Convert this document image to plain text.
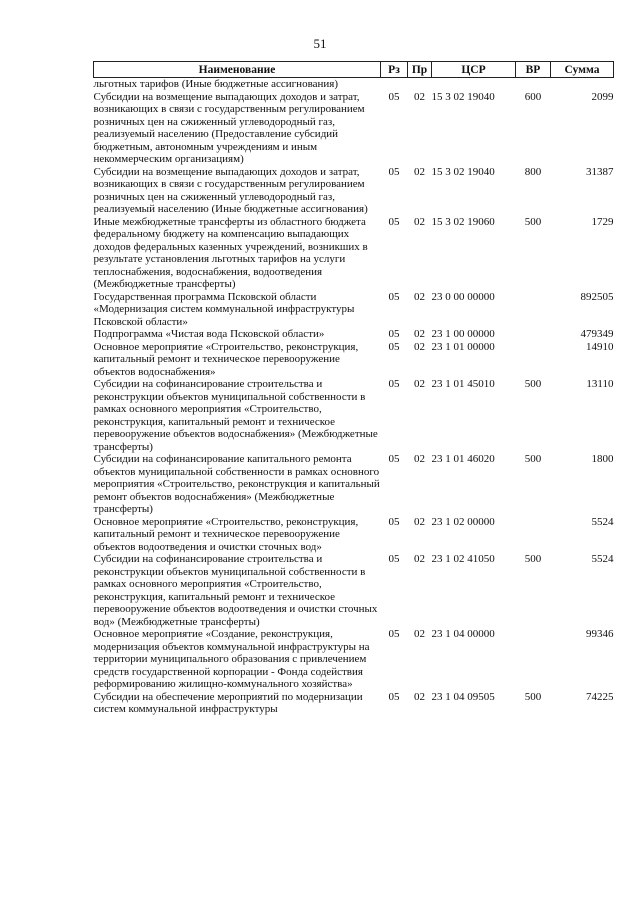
51
Наименование	Рз	Пр	ЦСР	ВР	Сумма
льготных тарифов (Иные бюджетные ассигнования)					
Субсидии на возмещение выпадающих доходов и затрат, возникающих в связи с государственным регулированием розничных цен на сжиженный углеводородный газ, реализуемый населению (Предоставление субсидий бюджетным, автономным учреждениям и иным некоммерческим организациям)	05	02	15 3 02 19040	600	2099
Субсидии на возмещение выпадающих доходов и затрат, возникающих в связи с государственным регулированием розничных цен на сжиженный углеводородный газ, реализуемый населению (Иные бюджетные ассигнования)	05	02	15 3 02 19040	800	31387
Иные межбюджетные трансферты из областного бюджета федеральному бюджету на компенсацию выпадающих доходов федеральных казенных учреждений, возникших в результате установления льготных тарифов на услуги теплоснабжения, водоснабжения, водоотведения (Межбюджетные трансферты)	05	02	15 3 02 19060	500	1729
Государственная программа Псковской области «Модернизация систем коммунальной инфраструктуры Псковской области»	05	02	23 0 00 00000		892505
Подпрограмма «Чистая вода Псковской области»	05	02	23 1 00 00000		479349
Основное мероприятие «Строительство, реконструкция, капитальный ремонт и техническое перевооружение объектов водоснабжения»	05	02	23 1 01 00000		14910
Субсидии на софинансирование строительства и реконструкции объектов муниципальной собственности в рамках основного мероприятия «Строительство, реконструкция, капитальный ремонт и техническое перевооружение объектов водоснабжения» (Межбюджетные трансферты)	05	02	23 1 01 45010	500	13110
Субсидии на софинансирование капитального ремонта объектов муниципальной собственности в рамках основного мероприятия «Строительство, реконструкция и капитальный ремонт объектов водоснабжения» (Межбюджетные трансферты)	05	02	23 1 01 46020	500	1800
Основное мероприятие «Строительство, реконструкция, капитальный ремонт и техническое перевооружение объектов водоотведения и очистки сточных вод»	05	02	23 1 02 00000		5524
Субсидии на софинансирование строительства и реконструкции объектов муниципальной собственности в рамках основного мероприятия «Строительство, реконструкция, капитальный ремонт и техническое перевооружение объектов водоотведения и очистки сточных вод» (Межбюджетные трансферты)	05	02	23 1 02 41050	500	5524
Основное мероприятие «Создание, реконструкция, модернизация объектов коммунальной инфраструктуры на территории муниципального образования с привлечением средств государственной корпорации - Фонда содействия реформированию жилищно-коммунального хозяйства»	05	02	23 1 04 00000		99346
Субсидии на обеспечение мероприятий по модернизации систем коммунальной инфраструктуры	05	02	23 1 04 09505	500	74225
